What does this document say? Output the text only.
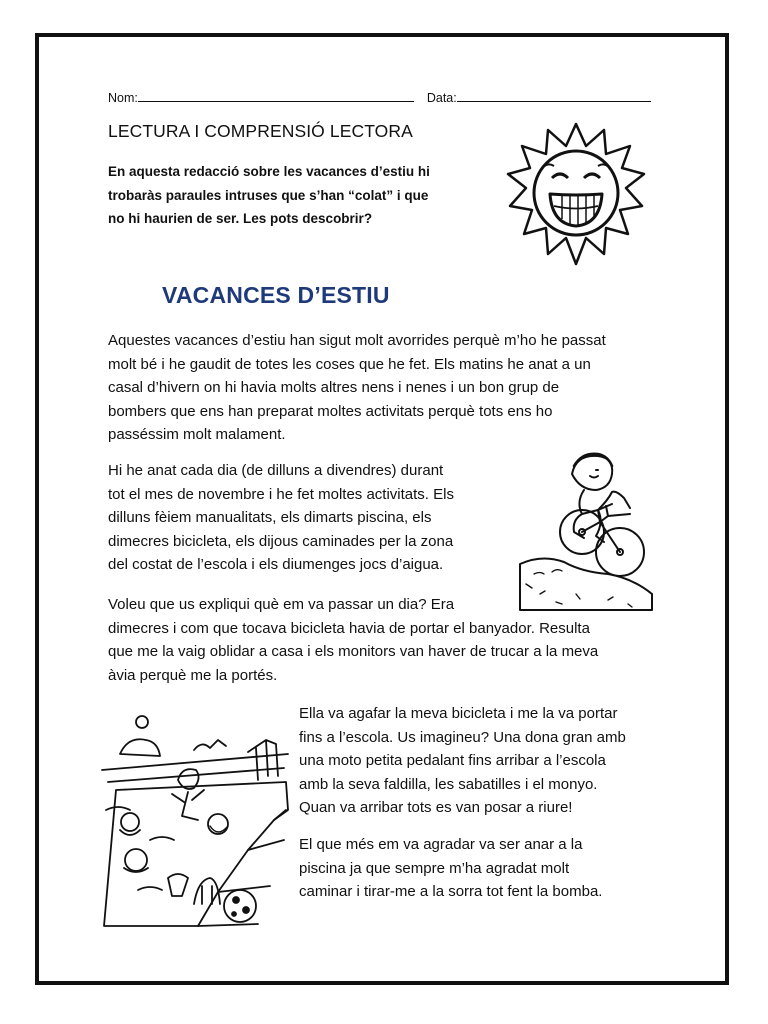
Nom:	Data:
LECTURA I COMPRENSIÓ LECTORA

En aquesta redacció sobre les vacances d’estiu hi
trobaràs paraules intruses que s’han “colat” i que
no hi haurien de ser. Les pots descobrir?

VACANCES D’ESTIU

Aquestes vacances d’estiu han sigut molt avorrides perquè m’ho he passat
molt bé i he gaudit de totes les coses que he fet. Els matins he anat a un
casal d’hivern on hi havia molts altres nens i nenes i un bon grup de
bombers que ens han preparat moltes activitats perquè tots ens ho
passéssim molt malament.

Hi he anat cada dia (de dilluns a divendres) durant
tot el mes de novembre i he fet moltes activitats. Els
dilluns fèiem manualitats, els dimarts piscina, els
dimecres bicicleta, els dijous caminades per la zona
del costat de l’escola i els diumenges jocs d’aigua.

Voleu que us expliqui què em va passar un dia? Era
dimecres i com que tocava bicicleta havia de portar el banyador. Resulta
que me la vaig oblidar a casa i els monitors van haver de trucar a la meva
àvia perquè me la portés.

Ella va agafar la meva bicicleta i me la va portar
fins a l’escola. Us imagineu? Una dona gran amb
una moto petita pedalant fins arribar a l’escola
amb la seva faldilla, les sabatilles i el monyo.
Quan va arribar tots es van posar a riure!

El que més em va agradar va ser anar a la
piscina ja que sempre m’ha agradat molt
caminar i tirar-me a la sorra tot fent la bomba.
